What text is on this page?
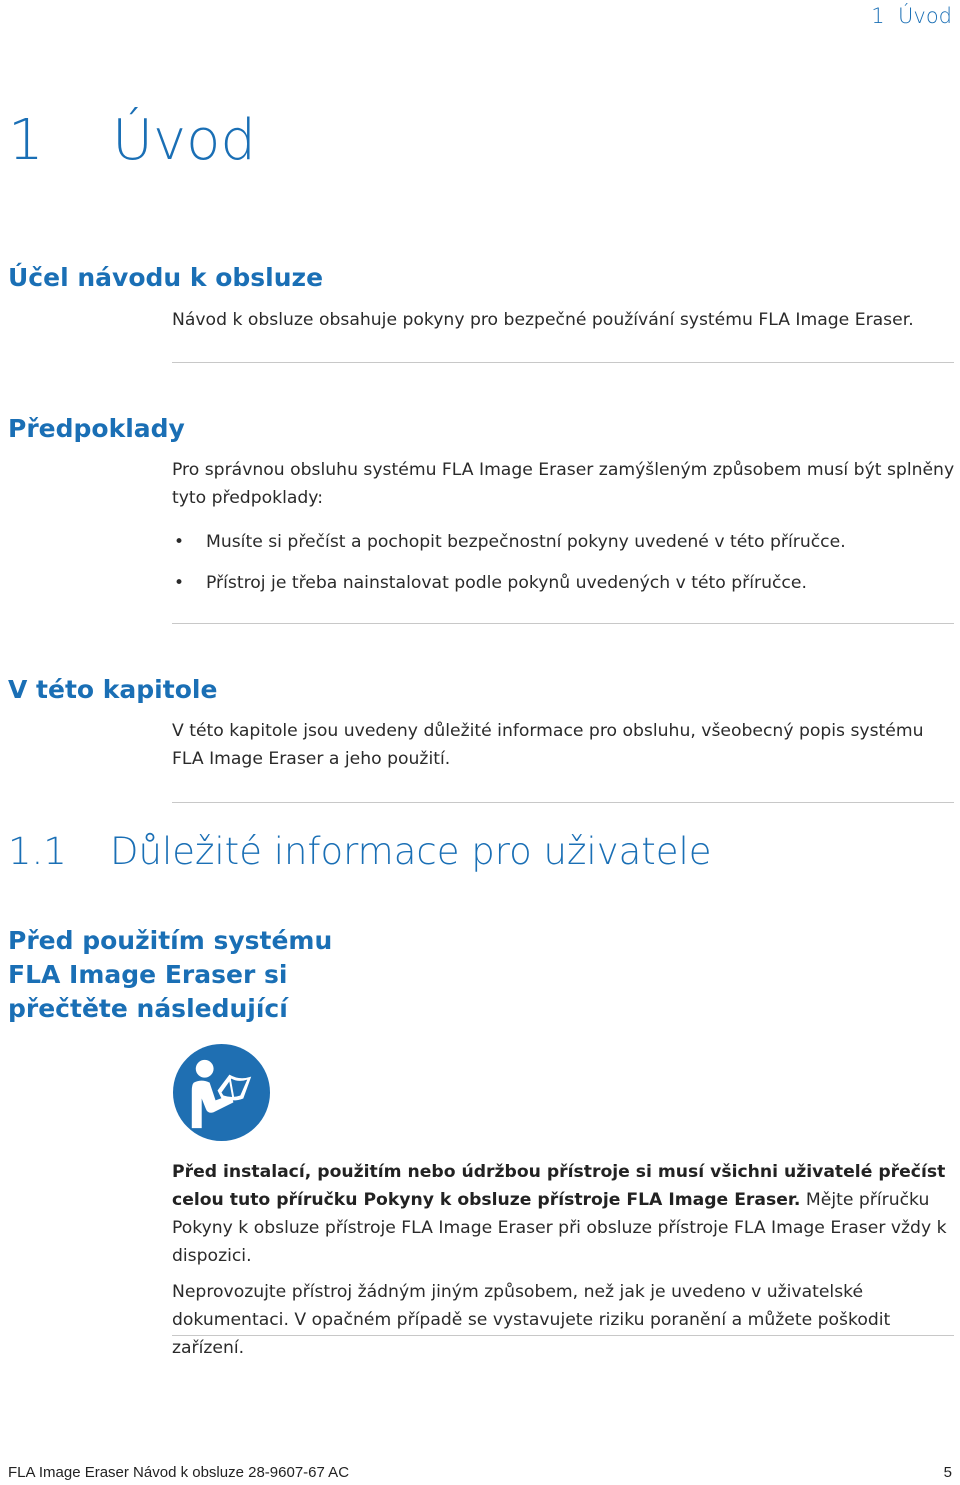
1 Úvod
1 Úvod
Účel návodu k obsluze
Návod k obsluze obsahuje pokyny pro bezpečné používání systému FLA Image Eraser.
Předpoklady
Pro správnou obsluhu systému FLA Image Eraser zamýšleným způsobem musí být splněny tyto předpoklady:
• Musíte si přečíst a pochopit bezpečnostní pokyny uvedené v této příručce.
• Přístroj je třeba nainstalovat podle pokynů uvedených v této příručce.
V této kapitole
V této kapitole jsou uvedeny důležité informace pro obsluhu, všeobecný popis systému FLA Image Eraser a jeho použití.
1.1 Důležité informace pro uživatele
Před použitím systému FLA Image Eraser si přečtěte následující

Před instalací, použitím nebo údržbou přístroje si musí všichni uživatelé přečíst celou tuto příručku Pokyny k obsluze přístroje FLA Image Eraser. Mějte příručku Pokyny k obsluze přístroje FLA Image Eraser při obsluze přístroje FLA Image Eraser vždy k dispozici.

Neprovozujte přístroj žádným jiným způsobem, než jak je uvedeno v uživatelské dokumentaci. V opačném případě se vystavujete riziku poranění a můžete poškodit zařízení.

FLA Image Eraser Návod k obsluze 28-9607-67 AC	5
